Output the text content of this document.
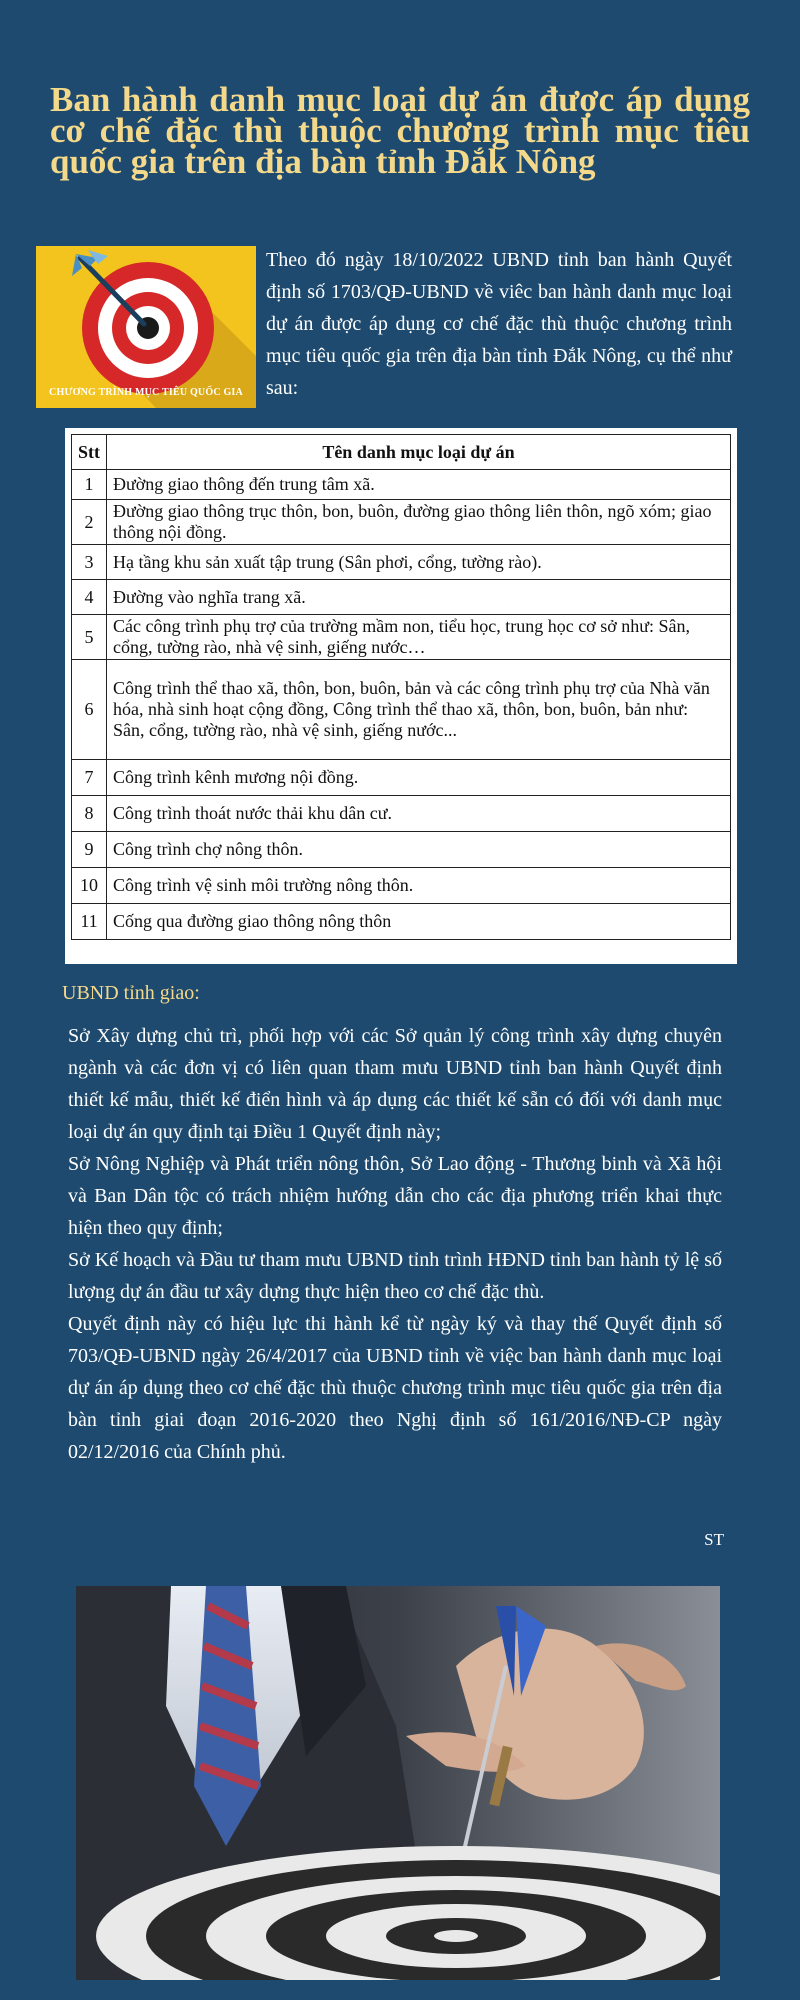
Ban hành danh mục loại dự án được áp dụng cơ chế đặc thù thuộc chương trình mục tiêu quốc gia trên địa bàn tỉnh Đắk Nông
CHƯƠNG TRÌNH MỤC TIÊU QUỐC GIA

Theo đó ngày 18/10/2022 UBND tỉnh ban hành Quyết định số 1703/QĐ-UBND về viêc ban hành danh mục loại dự án được áp dụng cơ chế đặc thù thuộc chương trình mục tiêu quốc gia trên địa bàn tỉnh Đắk Nông, cụ thể như sau:

Stt	Tên danh mục loại dự án
1	Đường giao thông đến trung tâm xã.
2	Đường giao thông trục thôn, bon, buôn, đường giao thông liên thôn, ngõ xóm; giao thông nội đồng.
3	Hạ tầng khu sản xuất tập trung (Sân phơi, cổng, tường rào).
4	Đường vào nghĩa trang xã.
5	Các công trình phụ trợ của trường mầm non, tiểu học, trung học cơ sở như: Sân, cổng, tường rào, nhà vệ sinh, giếng nước…
6	Công trình thể thao xã, thôn, bon, buôn, bản và các công trình phụ trợ của Nhà văn hóa, nhà sinh hoạt cộng đồng, Công trình thể thao xã, thôn, bon, buôn, bản như: Sân, cổng, tường rào, nhà vệ sinh, giếng nước...
7	Công trình kênh mương nội đồng.
8	Công trình thoát nước thải khu dân cư.
9	Công trình chợ nông thôn.
10	Công trình vệ sinh môi trường nông thôn.
11	Cống qua đường giao thông nông thôn

UBND tỉnh giao:

Sở Xây dựng chủ trì, phối hợp với các Sở quản lý công trình xây dựng chuyên ngành và các đơn vị có liên quan tham mưu UBND tỉnh ban hành Quyết định thiết kế mẫu, thiết kế điển hình và áp dụng các thiết kế sẵn có đối với danh mục loại dự án quy định tại Điều 1 Quyết định này;

Sở Nông Nghiệp và Phát triển nông thôn, Sở Lao động - Thương binh và Xã hội và Ban Dân tộc có trách nhiệm hướng dẫn cho các địa phương triển khai thực hiện theo quy định;

Sở Kế hoạch và Đầu tư tham mưu UBND tỉnh trình HĐND tỉnh ban hành tỷ lệ số lượng dự án đầu tư xây dựng thực hiện theo cơ chế đặc thù.

Quyết định này có hiệu lực thi hành kể từ ngày ký và thay thế Quyết định số 703/QĐ-UBND ngày 26/4/2017 của UBND tỉnh về việc ban hành danh mục loại dự án áp dụng theo cơ chế đặc thù thuộc chương trình mục tiêu quốc gia trên địa bàn tỉnh giai đoạn 2016-2020 theo Nghị định số 161/2016/NĐ-CP ngày 02/12/2016 của Chính phủ.

ST
